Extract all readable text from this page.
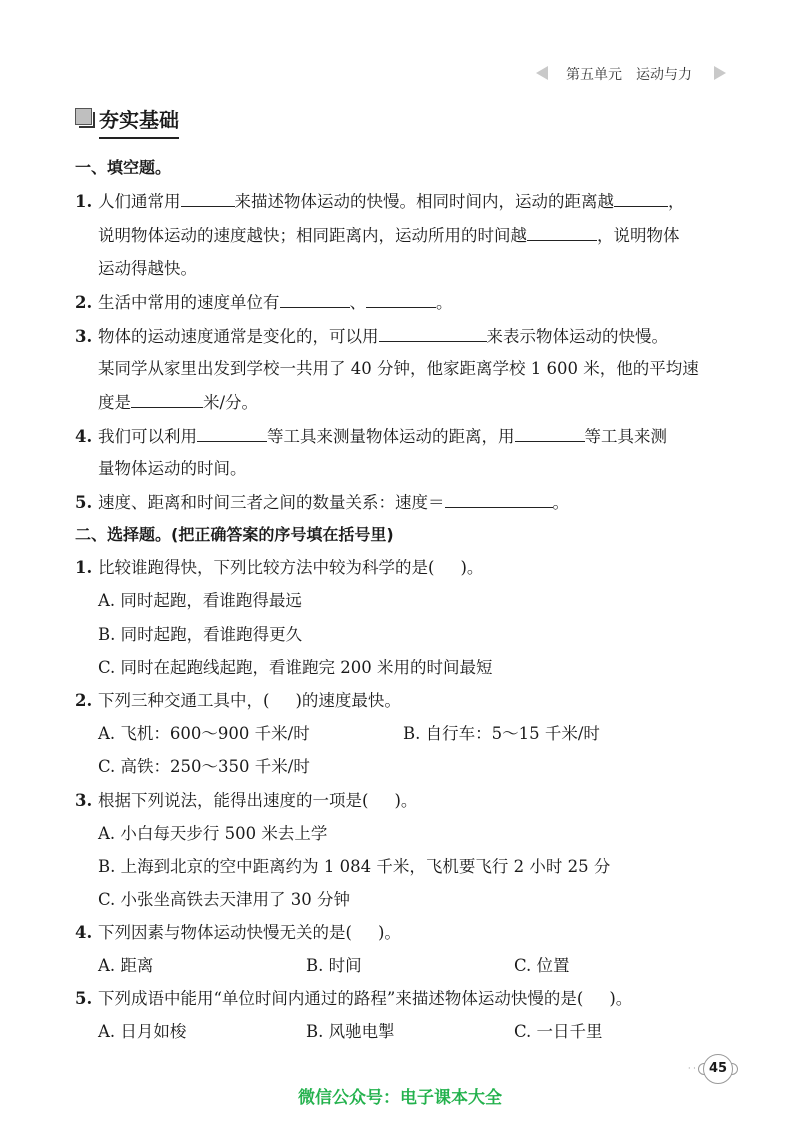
第五单元 运动与力
夯实基础
一、填空题。
1. 人们通常用	来描述物体运动的快慢。相同时间内，运动的距离越	，
说明物体运动的速度越快；相同距离内，运动所用的时间越	，说明物体
运动得越快。
2. 生活中常用的速度单位有	、	。
3. 物体的运动速度通常是变化的，可以用	来表示物体运动的快慢。
某同学从家里出发到学校一共用了 40 分钟，他家距离学校 1 600 米，他的平均速
度是	米/分。
4. 我们可以利用	等工具来测量物体运动的距离，用	等工具来测
量物体运动的时间。
5. 速度、距离和时间三者之间的数量关系：速度＝	。
二、选择题。(把正确答案的序号填在括号里)
1. 比较谁跑得快，下列比较方法中较为科学的是( )。
A. 同时起跑，看谁跑得最远
B. 同时起跑，看谁跑得更久
C. 同时在起跑线起跑，看谁跑完 200 米用的时间最短
2. 下列三种交通工具中，( )的速度最快。
A. 飞机：600～900 千米/时	B. 自行车：5～15 千米/时
C. 高铁：250～350 千米/时
3. 根据下列说法，能得出速度的一项是( )。
A. 小白每天步行 500 米去上学
B. 上海到北京的空中距离约为 1 084 千米，飞机要飞行 2 小时 25 分
C. 小张坐高铁去天津用了 30 分钟
4. 下列因素与物体运动快慢无关的是( )。
A. 距离	B. 时间	C. 位置
5. 下列成语中能用“单位时间内通过的路程”来描述物体运动快慢的是( )。
A. 日月如梭	B. 风驰电掣	C. 一日千里
· ·	45
微信公众号：电子课本大全
